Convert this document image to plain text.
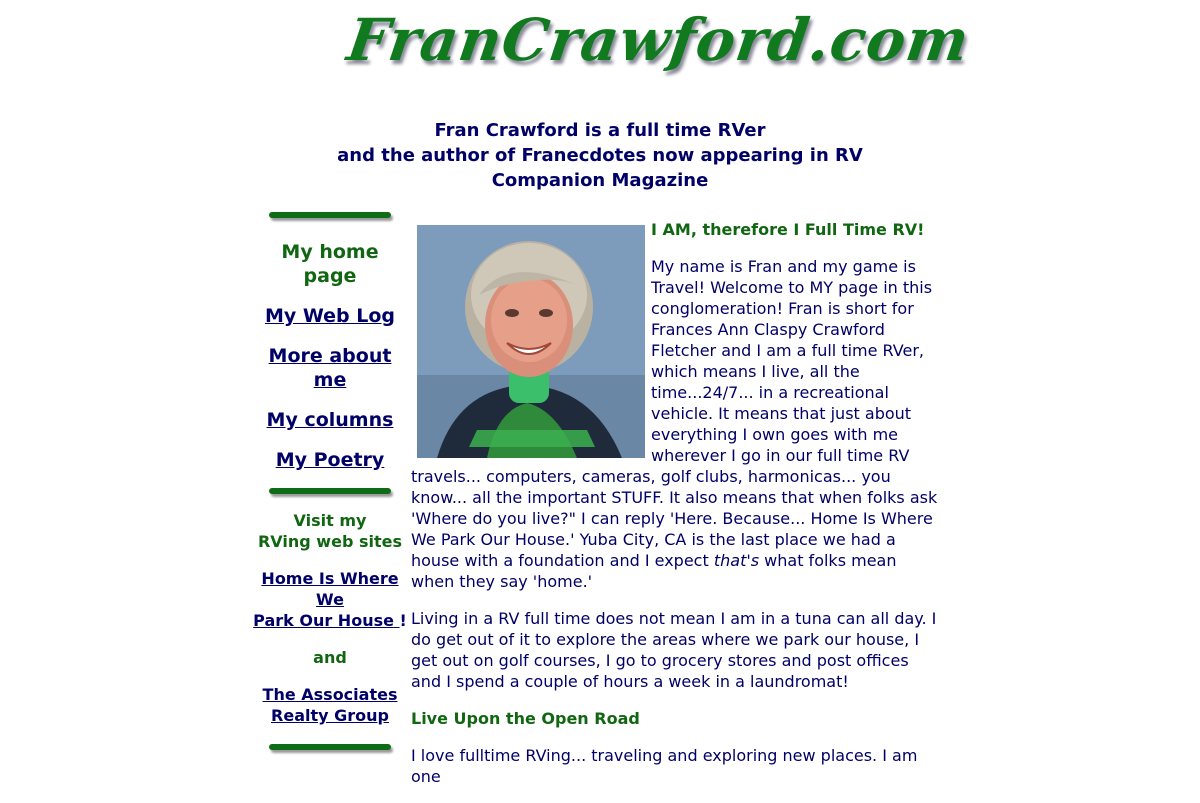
FranCrawford.com
Fran Crawford is a full time RVer
and the author of Franecdotes now appearing in RV Companion Magazine
My home page
My Web Log
More about me
My columns
My Poetry
Visit my
RVing web sites
Home Is Where We
Park Our House !
and
The Associates
Realty Group
I AM, therefore I Full Time RV!

My name is Fran and my game is Travel! Welcome to MY page in this conglomeration! Fran is short for Frances Ann Claspy Crawford Fletcher and I am a full time RVer, which means I live, all the time...24/7... in a recreational vehicle. It means that just about everything I own goes with me wherever I go in our full time RV travels... computers, cameras, golf clubs, harmonicas... you know... all the important STUFF. It also means that when folks ask 'Where do you live?" I can reply 'Here. Because... Home Is Where We Park Our House.' Yuba City, CA is the last place we had a house with a foundation and I expect that's what folks mean when they say 'home.'

Living in a RV full time does not mean I am in a tuna can all day. I do get out of it to explore the areas where we park our house, I get out on golf courses, I go to grocery stores and post offices and I spend a couple of hours a week in a laundromat!

Live Upon the Open Road

I love fulltime RVing... traveling and exploring new places. I am one
